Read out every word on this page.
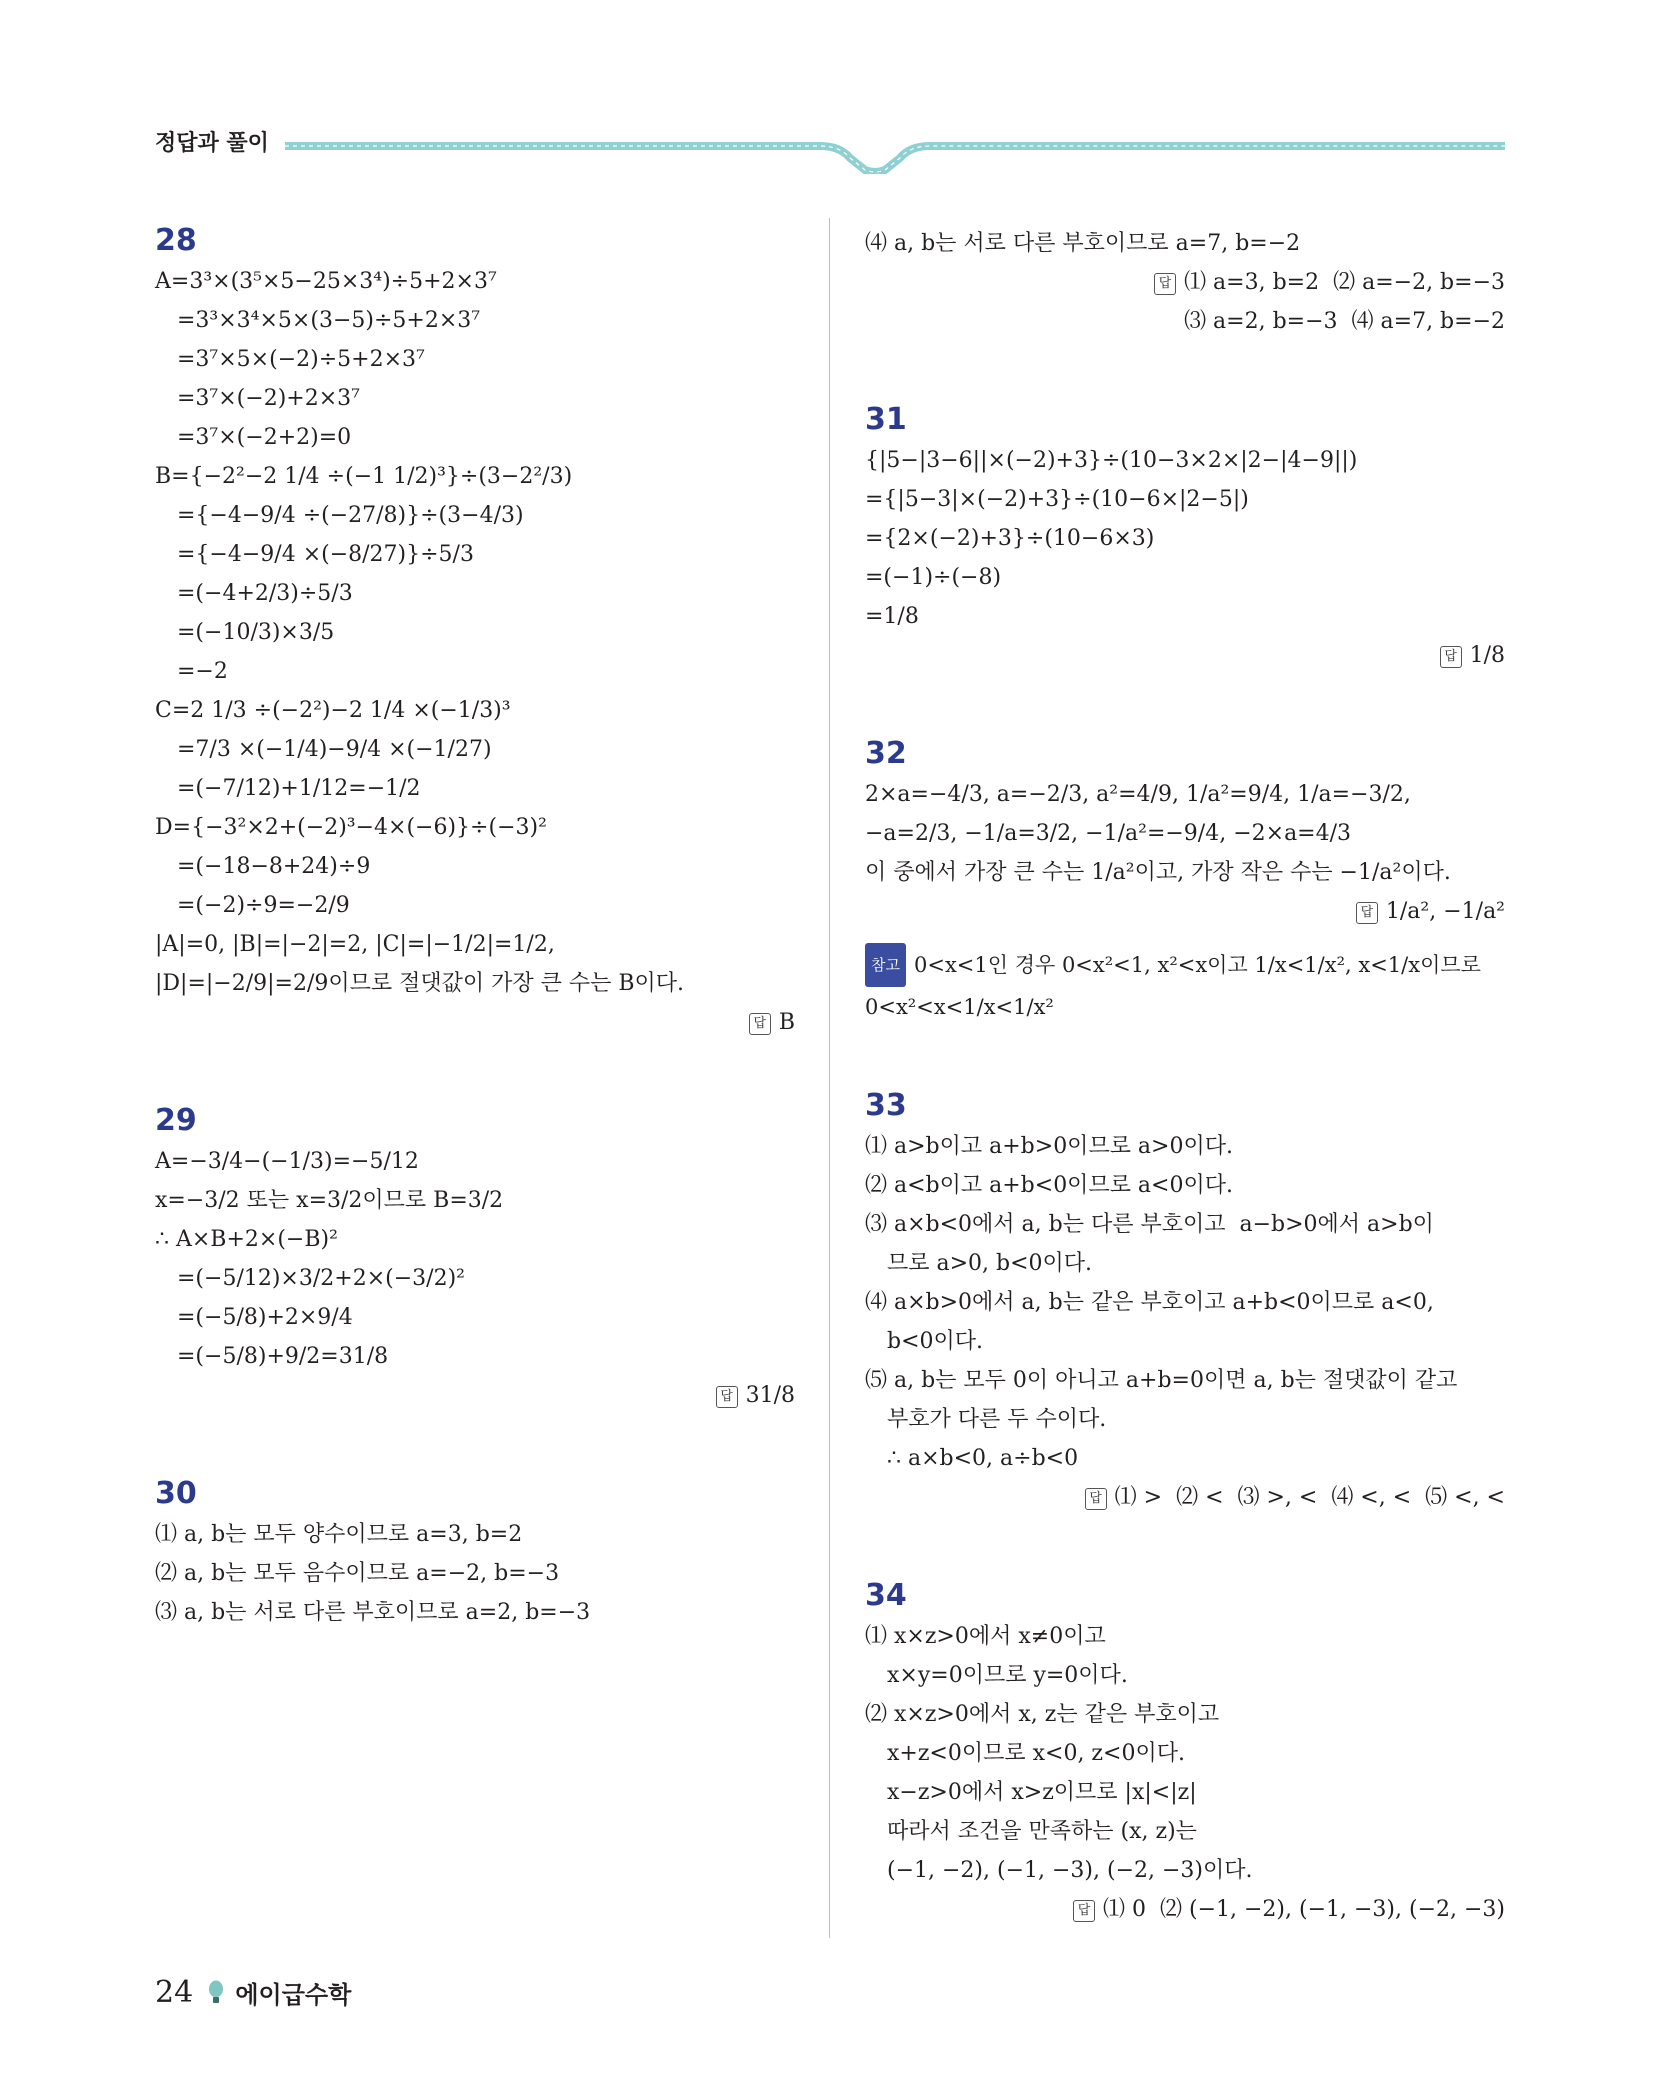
정답과 풀이
28
A=3³×(3⁵×5−25×3⁴)÷5+2×3⁷
=3³×3⁴×5×(3−5)÷5+2×3⁷
=3⁷×5×(−2)÷5+2×3⁷
=3⁷×(−2)+2×3⁷
=3⁷×(−2+2)=0
B={−2²−2 1/4 ÷(−1 1/2)³}÷(3−2²/3)
={−4−9/4 ÷(−27/8)}÷(3−4/3)
={−4−9/4 ×(−8/27)}÷5/3
=(−4+2/3)÷5/3
=(−10/3)×3/5
=−2
C=2 1/3 ÷(−2²)−2 1/4 ×(−1/3)³
=7/3 ×(−1/4)−9/4 ×(−1/27)
=(−7/12)+1/12=−1/2
D={−3²×2+(−2)³−4×(−6)}÷(−3)²
=(−18−8+24)÷9
=(−2)÷9=−2/9
|A|=0, |B|=|−2|=2, |C|=|−1/2|=1/2,
|D|=|−2/9|=2/9이므로 절댓값이 가장 큰 수는 B이다.
답 B
29
A=−3/4−(−1/3)=−5/12
x=−3/2 또는 x=3/2이므로 B=3/2
∴ A×B+2×(−B)²
=(−5/12)×3/2+2×(−3/2)²
=(−5/8)+2×9/4
=(−5/8)+9/2=31/8
답 31/8
30
⑴ a, b는 모두 양수이므로 a=3, b=2
⑵ a, b는 모두 음수이므로 a=−2, b=−3
⑶ a, b는 서로 다른 부호이므로 a=2, b=−3
⑷ a, b는 서로 다른 부호이므로 a=7, b=−2
답 ⑴ a=3, b=2  ⑵ a=−2, b=−3
⑶ a=2, b=−3  ⑷ a=7, b=−2
31
{|5−|3−6||×(−2)+3}÷(10−3×2×|2−|4−9||)
={|5−3|×(−2)+3}÷(10−6×|2−5|)
={2×(−2)+3}÷(10−6×3)
=(−1)÷(−8)
=1/8
답 1/8
32
2×a=−4/3, a=−2/3, a²=4/9, 1/a²=9/4, 1/a=−3/2,
−a=2/3, −1/a=3/2, −1/a²=−9/4, −2×a=4/3
이 중에서 가장 큰 수는 1/a²이고, 가장 작은 수는 −1/a²이다.
답 1/a², −1/a²
참고 0<x<1인 경우 0<x²<1, x²<x이고 1/x<1/x², x<1/x이므로 0<x²<x<1/x<1/x²
33
⑴ a>b이고 a+b>0이므로 a>0이다.
⑵ a<b이고 a+b<0이므로 a<0이다.
⑶ a×b<0에서 a, b는 다른 부호이고  a−b>0에서 a>b이
므로 a>0, b<0이다.
⑷ a×b>0에서 a, b는 같은 부호이고 a+b<0이므로 a<0,
b<0이다.
⑸ a, b는 모두 0이 아니고 a+b=0이면 a, b는 절댓값이 같고
부호가 다른 두 수이다.
∴ a×b<0, a÷b<0
답 ⑴ >  ⑵ <  ⑶ >, <  ⑷ <, <  ⑸ <, <
34
⑴ x×z>0에서 x≠0이고
x×y=0이므로 y=0이다.
⑵ x×z>0에서 x, z는 같은 부호이고
x+z<0이므로 x<0, z<0이다.
x−z>0에서 x>z이므로 |x|<|z|
따라서 조건을 만족하는 (x, z)는
(−1, −2), (−1, −3), (−2, −3)이다.
답 ⑴ 0  ⑵ (−1, −2), (−1, −3), (−2, −3)
24 에이급수학
